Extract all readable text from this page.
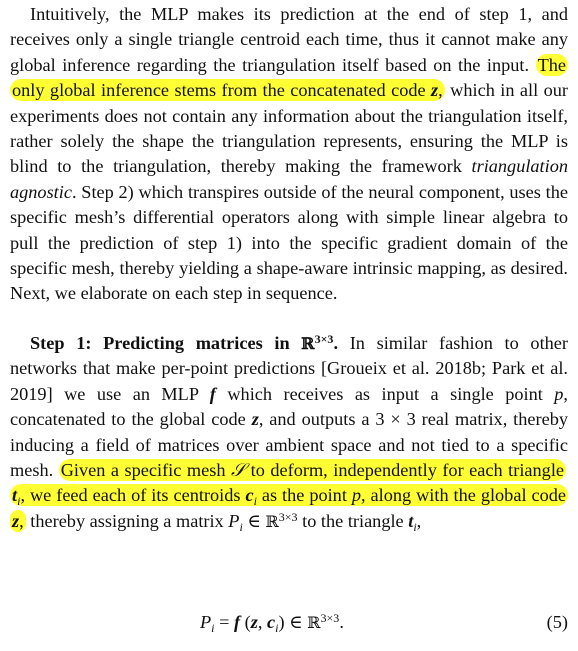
Intuitively, the MLP makes its prediction at the end of step 1, and receives only a single triangle centroid each time, thus it cannot make any global inference regarding the triangulation itself based on the input. The only global inference stems from the concatenated code z, which in all our experiments does not contain any information about the triangulation itself, rather solely the shape the triangulation represents, ensuring the MLP is blind to the triangulation, thereby making the framework triangulation agnostic. Step 2) which transpires outside of the neural component, uses the specific mesh’s differential operators along with simple linear algebra to pull the prediction of step 1) into the specific gradient domain of the specific mesh, thereby yielding a shape-aware intrinsic mapping, as desired. Next, we elaborate on each step in sequence.

Step 1: Predicting matrices in ℝ$^{3\times 3}$. In similar fashion to other networks that make per-point predictions [Groueix et al. 2018b; Park et al. 2019] we use an MLP f which receives as input a single point p, concatenated to the global code z, and outputs a 3 × 3 real matrix, thereby inducing a field of matrices over ambient space and not tied to a specific mesh. Given a specific mesh 𝒮 to deform, independently for each triangle $t_i$, we feed each of its centroids $c_i$ as the point p, along with the global code z, thereby assigning a matrix $P_i$ ∈ ℝ$^{3\times 3}$ to the triangle $t_i$,

$P_i = f$ (z, $c_i$) ∈ ℝ$^{3\times 3}$.	(5)
